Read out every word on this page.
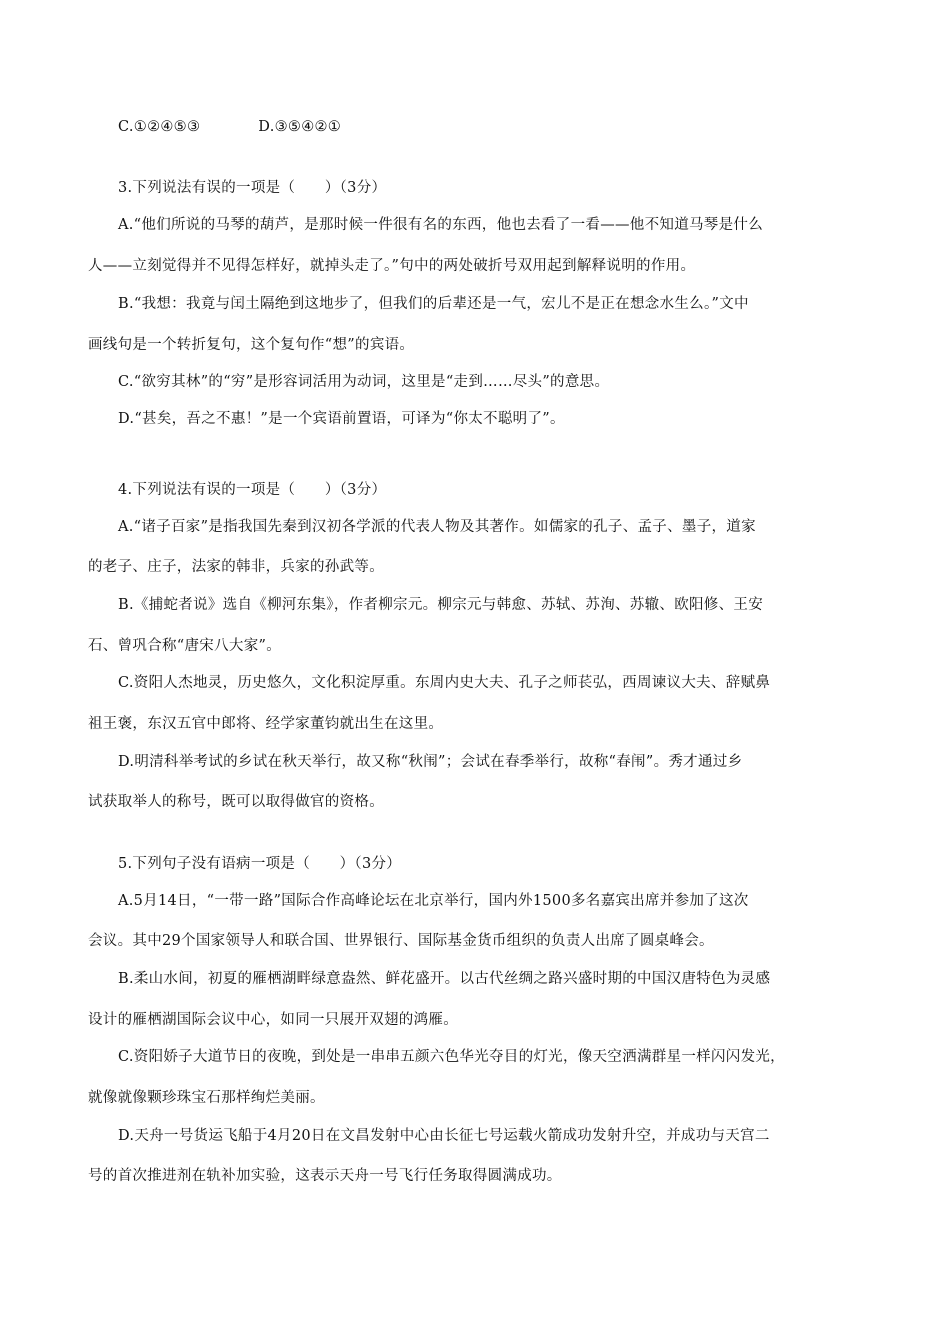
C.①②④⑤③	D.③⑤④②①
3.下列说法有误的一项是（　　）（3分）
A.“他们所说的马琴的葫芦，是那时候一件很有名的东西，他也去看了一看——他不知道马琴是什么
人——立刻觉得并不见得怎样好，就掉头走了。”句中的两处破折号双用起到解释说明的作用。
B.“我想：我竟与闰土隔绝到这地步了，但我们的后辈还是一气，宏儿不是正在想念水生么。”文中
画线句是一个转折复句，这个复句作“想”的宾语。
C.“欲穷其林”的“穷”是形容词活用为动词，这里是“走到……尽头”的意思。
D.“甚矣，吾之不惠！”是一个宾语前置语，可译为“你太不聪明了”。
4.下列说法有误的一项是（　　）（3分）
A.“诸子百家”是指我国先秦到汉初各学派的代表人物及其著作。如儒家的孔子、孟子、墨子，道家
的老子、庄子，法家的韩非，兵家的孙武等。
B.《捕蛇者说》选自《柳河东集》，作者柳宗元。柳宗元与韩愈、苏轼、苏洵、苏辙、欧阳修、王安
石、曾巩合称“唐宋八大家”。
C.资阳人杰地灵，历史悠久，文化积淀厚重。东周内史大夫、孔子之师苌弘，西周谏议大夫、辞赋鼻
祖王褒，东汉五官中郎将、经学家董钧就出生在这里。
D.明清科举考试的乡试在秋天举行，故又称“秋闱”；会试在春季举行，故称“春闱”。秀才通过乡
试获取举人的称号，既可以取得做官的资格。
5.下列句子没有语病一项是（　　）（3分）
A.5月14日，“一带一路”国际合作高峰论坛在北京举行，国内外1500多名嘉宾出席并参加了这次
会议。其中29个国家领导人和联合国、世界银行、国际基金货币组织的负责人出席了圆桌峰会。
B.柔山水间，初夏的雁栖湖畔绿意盎然、鲜花盛开。以古代丝绸之路兴盛时期的中国汉唐特色为灵感
设计的雁栖湖国际会议中心，如同一只展开双翅的鸿雁。
C.资阳娇子大道节日的夜晚，到处是一串串五颜六色华光夺目的灯光，像天空洒满群星一样闪闪发光，
就像就像颗珍珠宝石那样绚烂美丽。
D.天舟一号货运飞船于4月20日在文昌发射中心由长征七号运载火箭成功发射升空，并成功与天宫二
号的首次推进剂在轨补加实验，这表示天舟一号飞行任务取得圆满成功。
